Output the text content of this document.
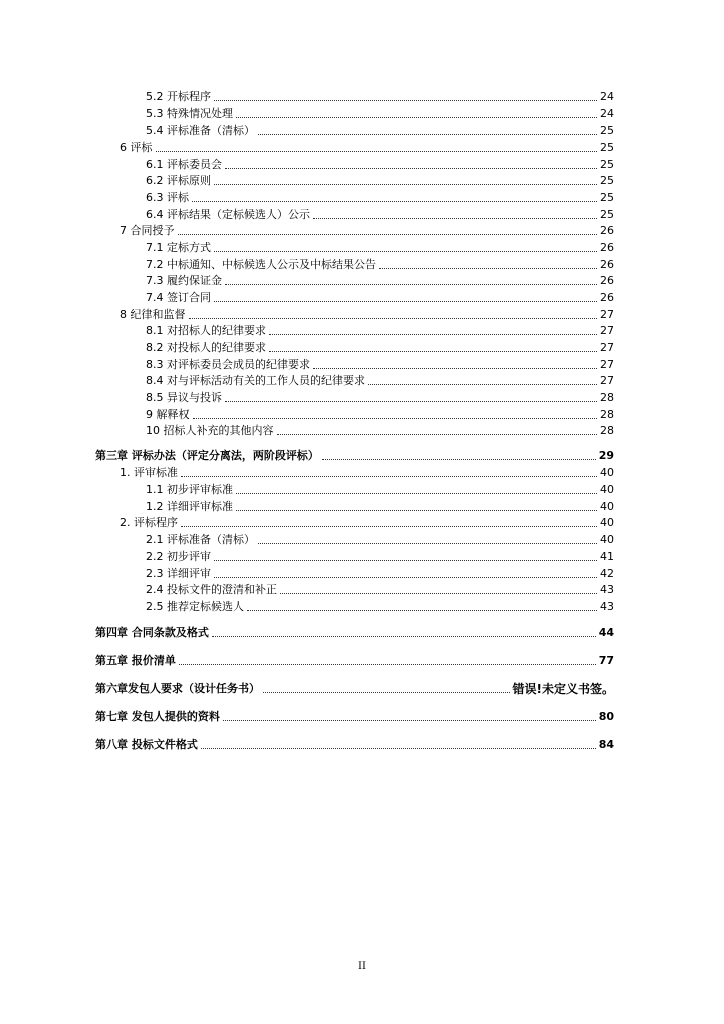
5.2 开标程序	24
5.3 特殊情况处理	24
5.4 评标准备（清标）	25
6 评标	25
6.1 评标委员会	25
6.2 评标原则	25
6.3 评标	25
6.4 评标结果（定标候选人）公示	25
7 合同授予	26
7.1 定标方式	26
7.2 中标通知、中标候选人公示及中标结果公告	26
7.3 履约保证金	26
7.4 签订合同	26
8 纪律和监督	27
8.1 对招标人的纪律要求	27
8.2 对投标人的纪律要求	27
8.3 对评标委员会成员的纪律要求	27
8.4 对与评标活动有关的工作人员的纪律要求	27
8.5 异议与投诉	28
9 解释权	28
10 招标人补充的其他内容	28
第三章 评标办法（评定分离法，两阶段评标）	29
1. 评审标准	40
1.1 初步评审标准	40
1.2 详细评审标准	40
2. 评标程序	40
2.1 评标准备（清标）	40
2.2 初步评审	41
2.3 详细评审	42
2.4 投标文件的澄清和补正	43
2.5 推荐定标候选人	43
第四章 合同条款及格式	44
第五章 报价清单	77
第六章发包人要求（设计任务书）	错误!未定义书签。
第七章 发包人提供的资料	80
第八章 投标文件格式	84
II
